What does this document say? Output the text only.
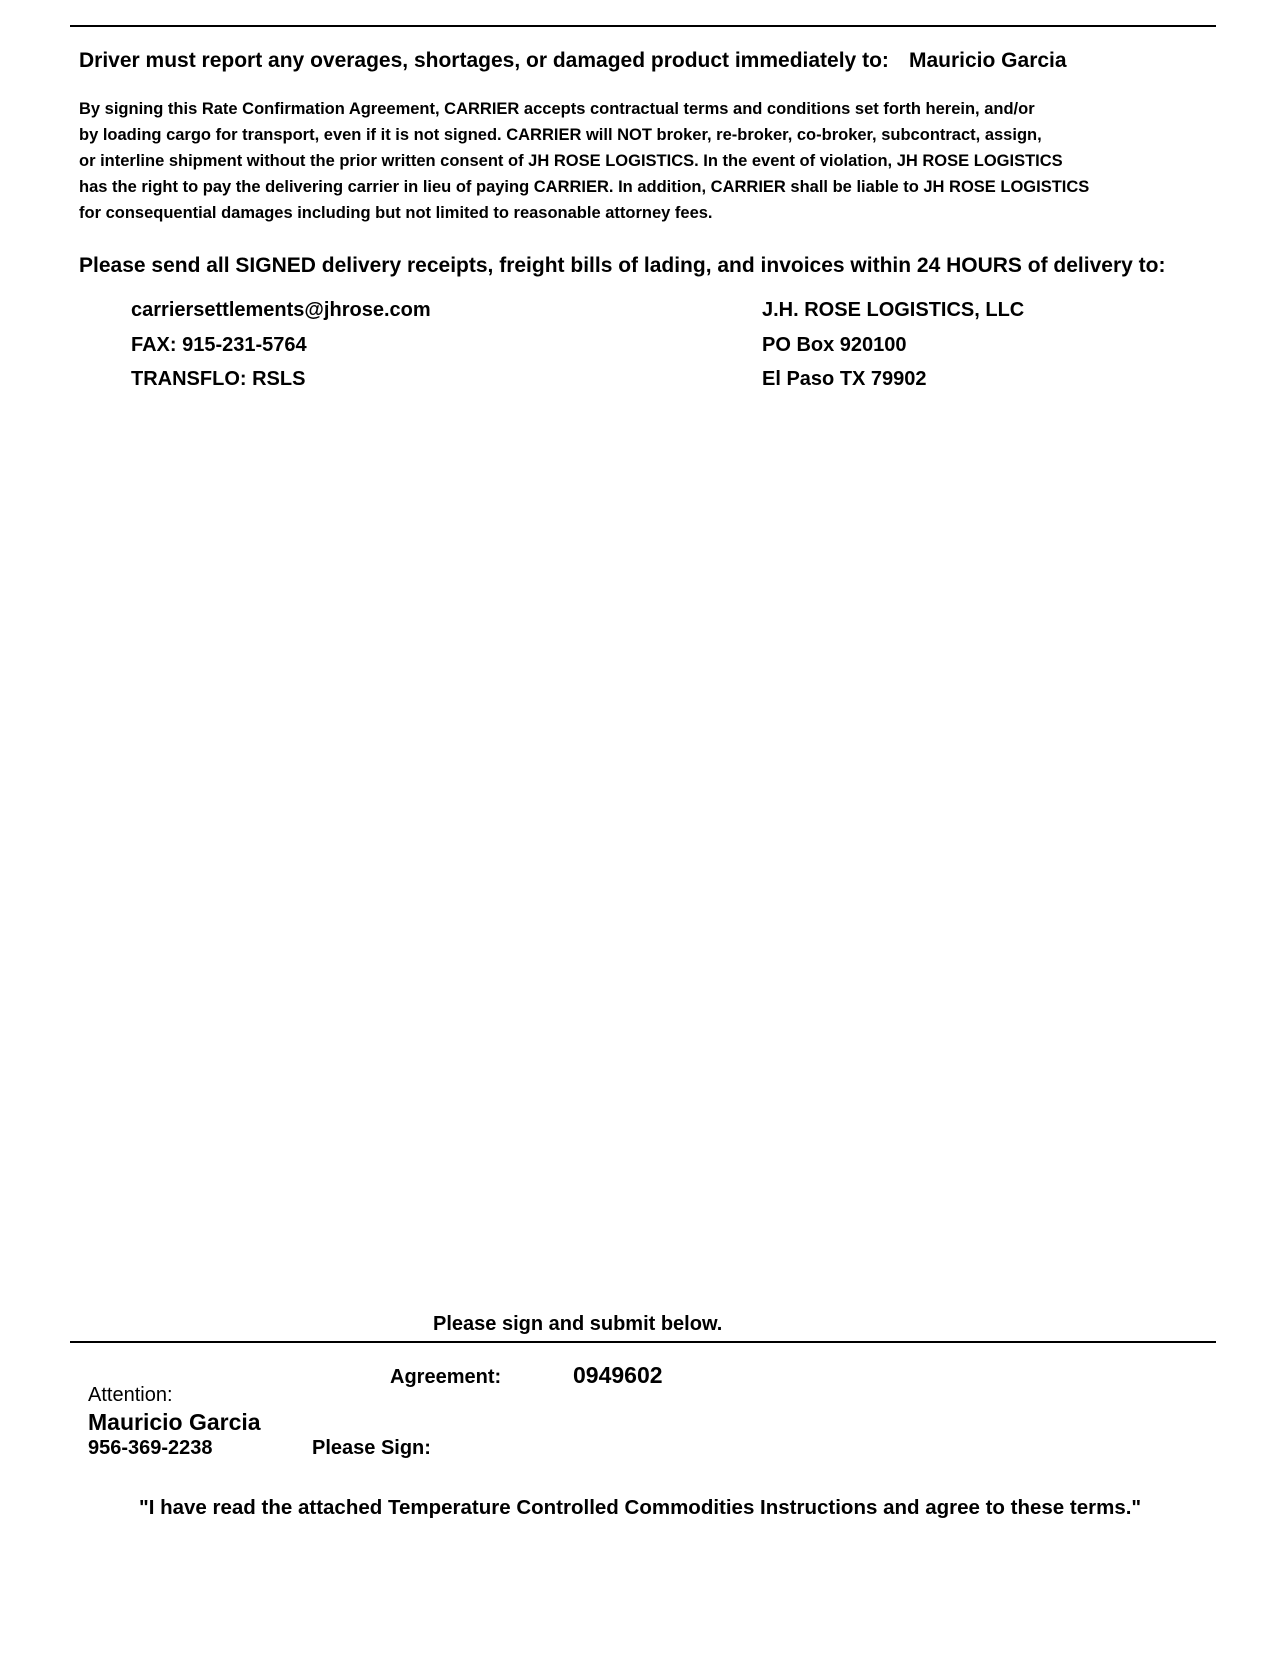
Driver must report any overages, shortages, or damaged product immediately to: Mauricio Garcia
By signing this Rate Confirmation Agreement, CARRIER accepts contractual terms and conditions set forth herein, and/or
by loading cargo for transport, even if it is not signed. CARRIER will NOT broker, re-broker, co-broker, subcontract, assign,
or interline shipment without the prior written consent of JH ROSE LOGISTICS. In the event of violation, JH ROSE LOGISTICS
has the right to pay the delivering carrier in lieu of paying CARRIER. In addition, CARRIER shall be liable to JH ROSE LOGISTICS
for consequential damages including but not limited to reasonable attorney fees.
Please send all SIGNED delivery receipts, freight bills of lading, and invoices within 24 HOURS of delivery to:
carriersettlements@jhrose.com
FAX: 915-231-5764
TRANSFLO: RSLS
J.H. ROSE LOGISTICS, LLC
PO Box 920100
El Paso TX 79902
Please sign and submit below.
Agreement:	0949602
Attention:
Mauricio Garcia
956-369-2238	Please Sign:
"I have read the attached Temperature Controlled Commodities Instructions and agree to these terms."
